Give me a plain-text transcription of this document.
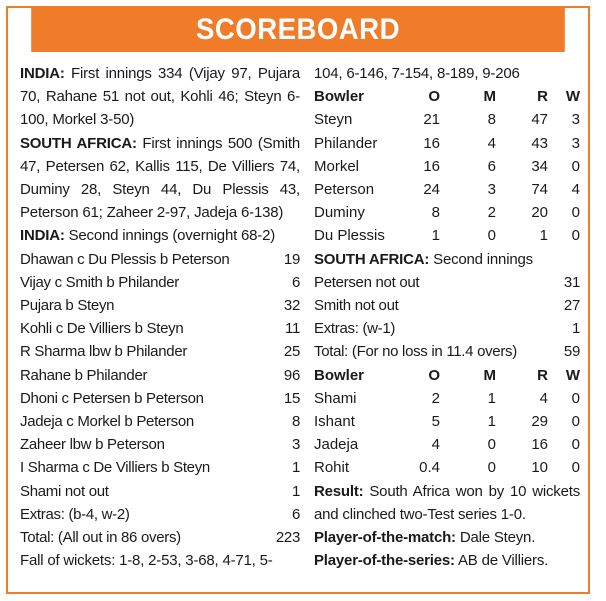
SCOREBOARD
INDIA: First innings 334 (Vijay 97, Pujara 70, Rahane 51 not out, Kohli 46; Steyn 6-100, Morkel 3-50)
SOUTH AFRICA: First innings 500 (Smith 47, Petersen 62, Kallis 115, De Villiers 74, Duminy 28, Steyn 44, Du Plessis 43, Peterson 61; Zaheer 2-97, Jadeja 6-138)
INDIA: Second innings (overnight 68-2)
Dhawan c Du Plessis b Peterson	19
Vijay c Smith b Philander	6
Pujara b Steyn	32
Kohli c De Villiers b Steyn	11
R Sharma lbw b Philander	25
Rahane b Philander	96
Dhoni c Petersen b Peterson	15
Jadeja c Morkel b Peterson	8
Zaheer lbw b Peterson	3
I Sharma c De Villiers b Steyn	1
Shami not out	1
Extras: (b-4, w-2)	6
Total: (All out in 86 overs)	223
Fall of wickets: 1-8, 2-53, 3-68, 4-71, 5-
104, 6-146, 7-154, 8-189, 9-206
Bowler	O	M	R	W
Steyn	21	8	47	3
Philander	16	4	43	3
Morkel	16	6	34	0
Peterson	24	3	74	4
Duminy	8	2	20	0
Du Plessis	1	0	1	0
SOUTH AFRICA: Second innings
Petersen not out	31
Smith not out	27
Extras: (w-1)	1
Total: (For no loss in 11.4 overs)	59
Bowler	O	M	R	W
Shami	2	1	4	0
Ishant	5	1	29	0
Jadeja	4	0	16	0
Rohit	0.4	0	10	0
Result: South Africa won by 10 wickets and clinched two-Test series 1-0.
Player-of-the-match: Dale Steyn.
Player-of-the-series: AB de Villiers.
